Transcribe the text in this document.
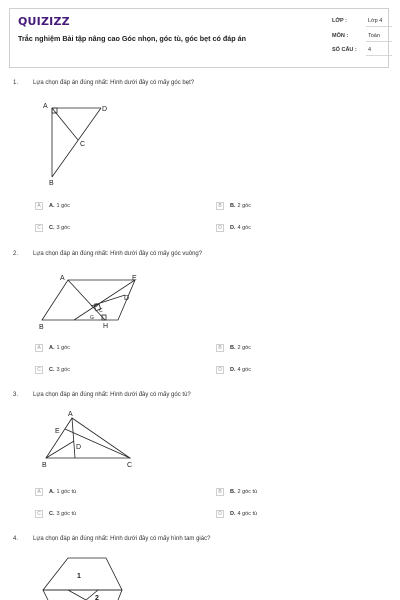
QUIZIZZ
Trắc nghiệm Bài tập nâng cao Góc nhọn, góc tù, góc bẹt có đáp án
LỚP :	Lớp 4
MÔN :	Toán
SỐ CÂU : 4
1. Lựa chọn đáp án đúng nhất: Hình dưới đây có mấy góc bẹt?
A	D
C
B
A	A. 1 góc	B	B. 2 góc
C	C. 3 góc	D	D. 4 góc
2. Lựa chọn đáp án đúng nhất: Hình dưới đây có mấy góc vuông?
A	E
D
O
G
C
B	H
A	A. 1 góc	B	B. 2 góc
C	C. 3 góc	D	D. 4 góc
3. Lựa chọn đáp án đúng nhất: Hình dưới đây có mấy góc tù?
A
E
D
B	C
A	A. 1 góc tù	B	B. 2 góc tù
C	C. 3 góc tù	D	D. 4 góc tù
4. Lựa chọn đáp án đúng nhất: Hình dưới đây có mấy hình tam giác?
1
2
